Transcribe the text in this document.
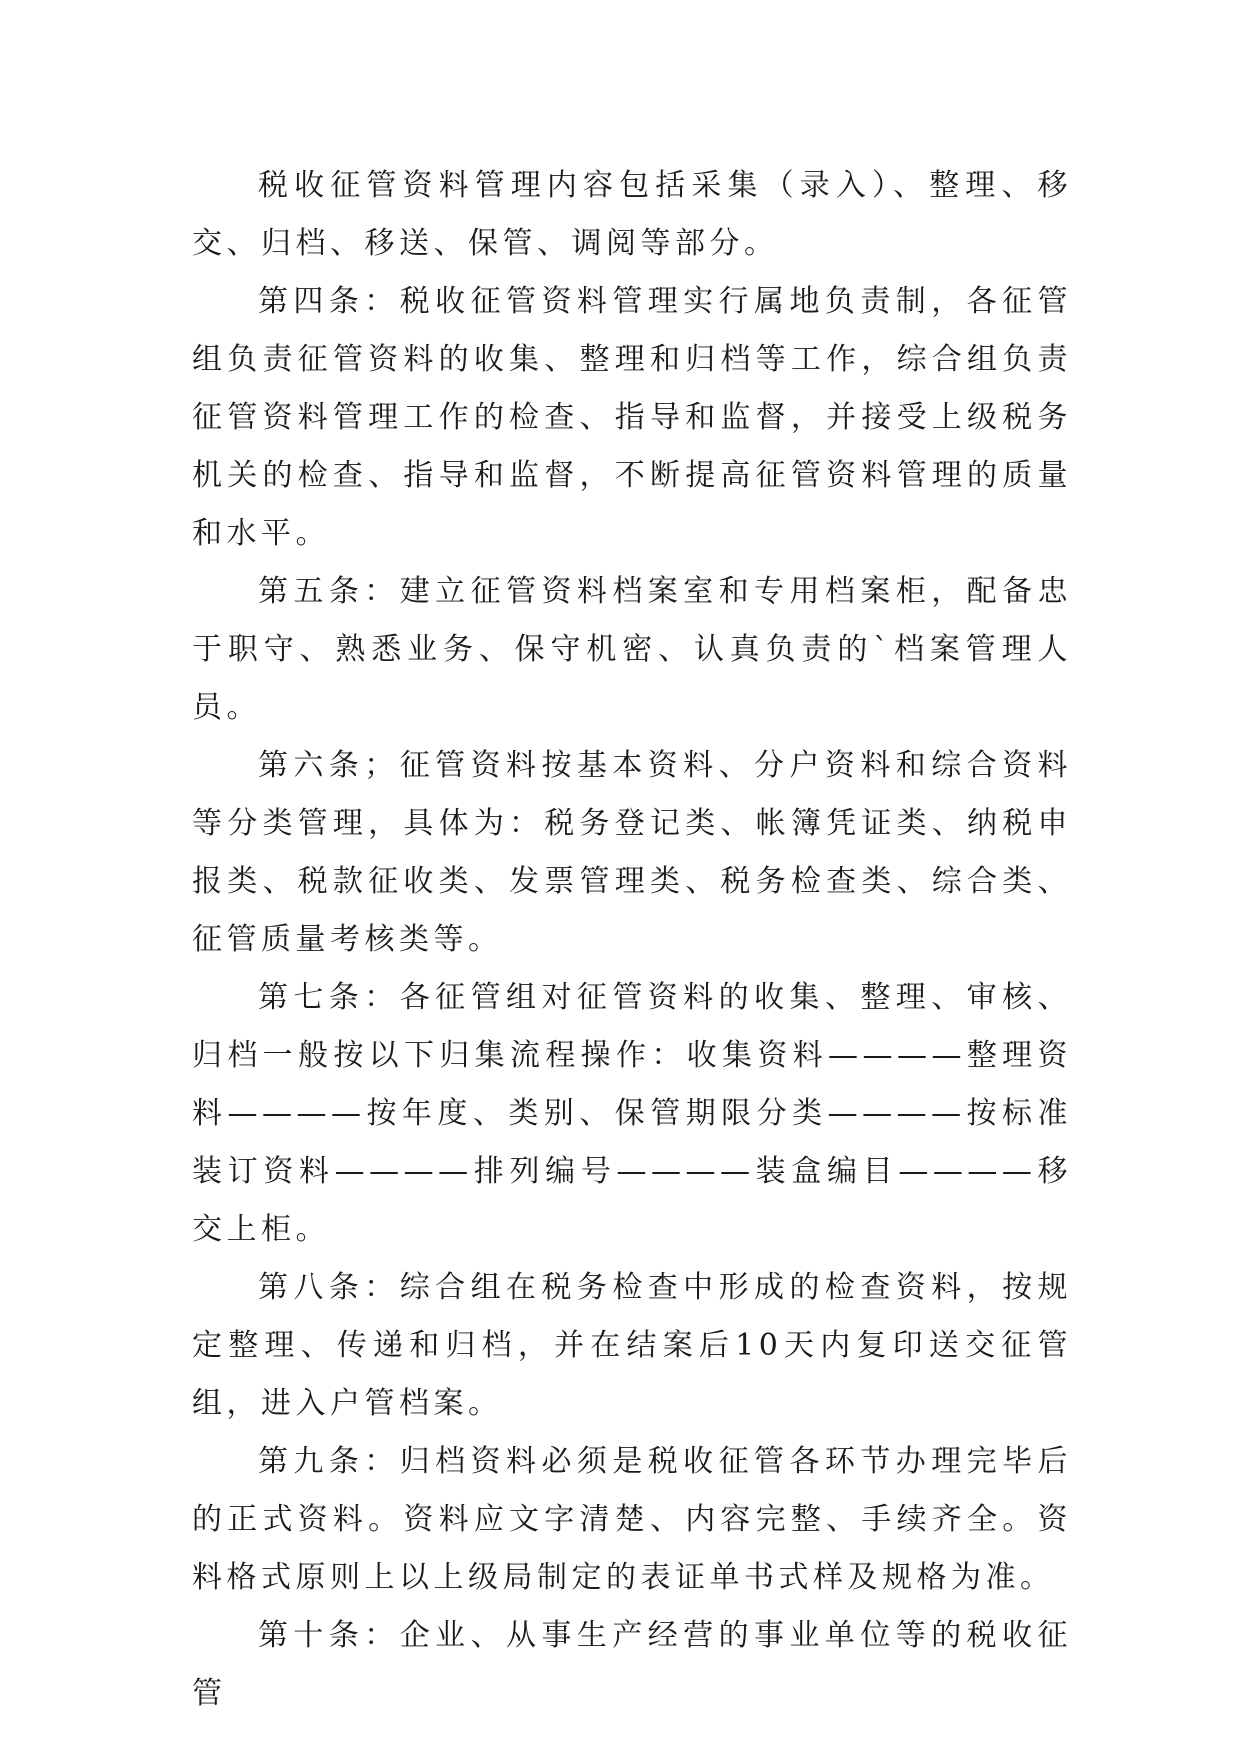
税收征管资料管理内容包括采集（录入）、整理、移交、归档、移送、保管、调阅等部分。

第四条：税收征管资料管理实行属地负责制，各征管组负责征管资料的收集、整理和归档等工作，综合组负责征管资料管理工作的检查、指导和监督，并接受上级税务机关的检查、指导和监督，不断提高征管资料管理的质量和水平。

第五条：建立征管资料档案室和专用档案柜，配备忠于职守、熟悉业务、保守机密、认真负责的`档案管理人员。

第六条；征管资料按基本资料、分户资料和综合资料等分类管理，具体为：税务登记类、帐簿凭证类、纳税申报类、税款征收类、发票管理类、税务检查类、综合类、征管质量考核类等。

第七条：各征管组对征管资料的收集、整理、审核、归档一般按以下归集流程操作：收集资料————整理资料————按年度、类别、保管期限分类————按标准装订资料————排列编号————装盒编目————移交上柜。

第八条：综合组在税务检查中形成的检查资料，按规定整理、传递和归档，并在结案后10天内复印送交征管组，进入户管档案。

第九条：归档资料必须是税收征管各环节办理完毕后的正式资料。资料应文字清楚、内容完整、手续齐全。资料格式原则上以上级局制定的表证单书式样及规格为准。

第十条：企业、从事生产经营的事业单位等的税收征管
